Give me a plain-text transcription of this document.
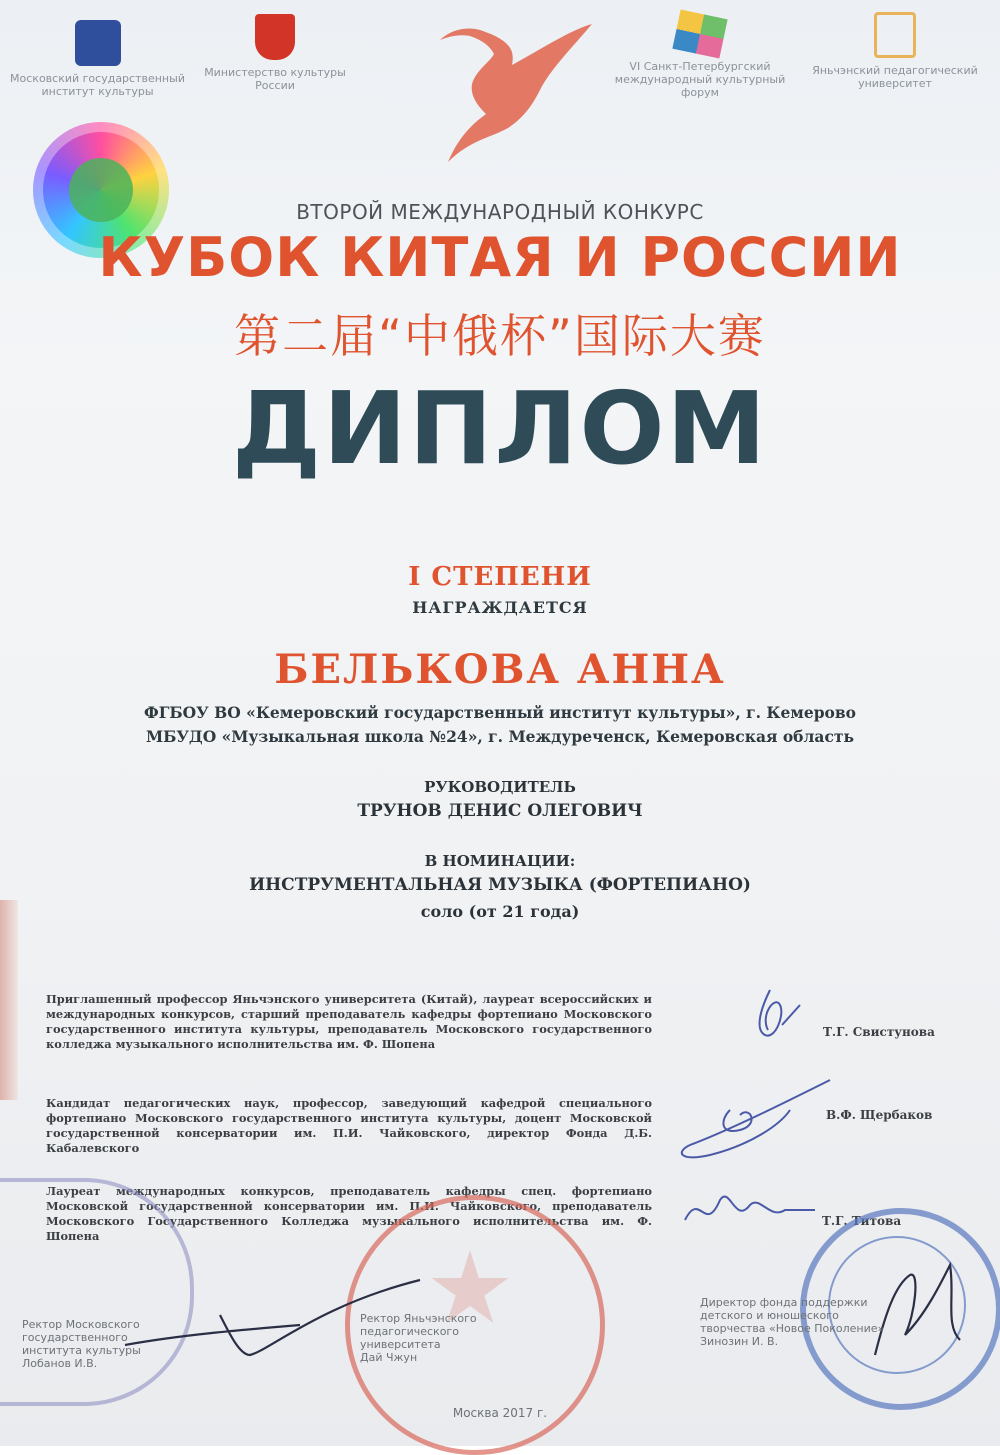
Московский государственный
институт культуры
Министерство культуры
России
VI Санкт-Петербургский
международный культурный
форум
Яньчэнский педагогический
университет
ВТОРОЙ МЕЖДУНАРОДНЫЙ КОНКУРС
КУБОК КИТАЯ И РОССИИ
第二届“中俄杯”国际大赛
ДИПЛОМ
I СТЕПЕНИ
НАГРАЖДАЕТСЯ
БЕЛЬКОВА АННА
ФГБОУ ВО «Кемеровский государственный институт культуры», г. Кемерово
МБУДО «Музыкальная школа №24», г. Междуреченск, Кемеровская область
РУКОВОДИТЕЛЬ
ТРУНОВ ДЕНИС ОЛЕГОВИЧ
В НОМИНАЦИИ:
ИНСТРУМЕНТАЛЬНАЯ МУЗЫКА (ФОРТЕПИАНО)
соло (от 21 года)
Приглашенный профессор Яньчэнского университета (Китай), лауреат всероссийских и международных конкурсов, старший преподаватель кафедры фортепиано Московского государственного института культуры, преподаватель Московского государственного колледжа музыкального исполнительства им. Ф. Шопена
Кандидат педагогических наук, профессор, заведующий кафедрой специального фортепиано Московского государственного института культуры, доцент Московской государственной консерватории им. П.И. Чайковского, директор Фонда Д.Б. Кабалевского
Лауреат международных конкурсов, преподаватель кафедры спец. фортепиано Московской государственной консерватории им. П.И. Чайковского, преподаватель Московского Государственного Колледжа музыкального исполнительства им. Ф. Шопена
Т.Г. Свистунова
В.Ф. Щербаков
Т.Г. Титова
Ректор Московского
государственного
института культуры
Лобанов И.В.
Ректор Яньчэнского
педагогического
университета
Дай Чжун
Директор фонда поддержки
детского и юношеского
творчества «Новое Поколение»
Зинозин И. В.
Москва 2017 г.
